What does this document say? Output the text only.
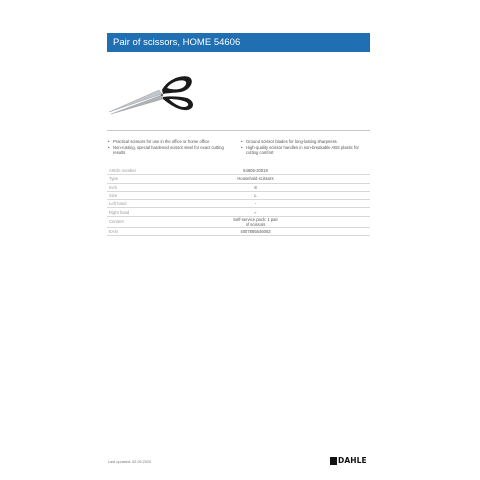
Pair of scissors, HOME 54606
• Practical scissors for use in the office or home office
• Non-rusting, special hardened scissor steel for exact cutting results
• Ground scissor blades for long-lasting sharpness
• High-quality scissor handles in non-breakable ABS plastic for cutting comfort
Article number	54606-20019
Type	Household scissors
Inch	8
Size	L
Left hand	-
Right hand	✓
Content	Self-service pack: 1 pair of scissors
EAN	4007885546063
Last updated: 02.05.2020	DAHLE
